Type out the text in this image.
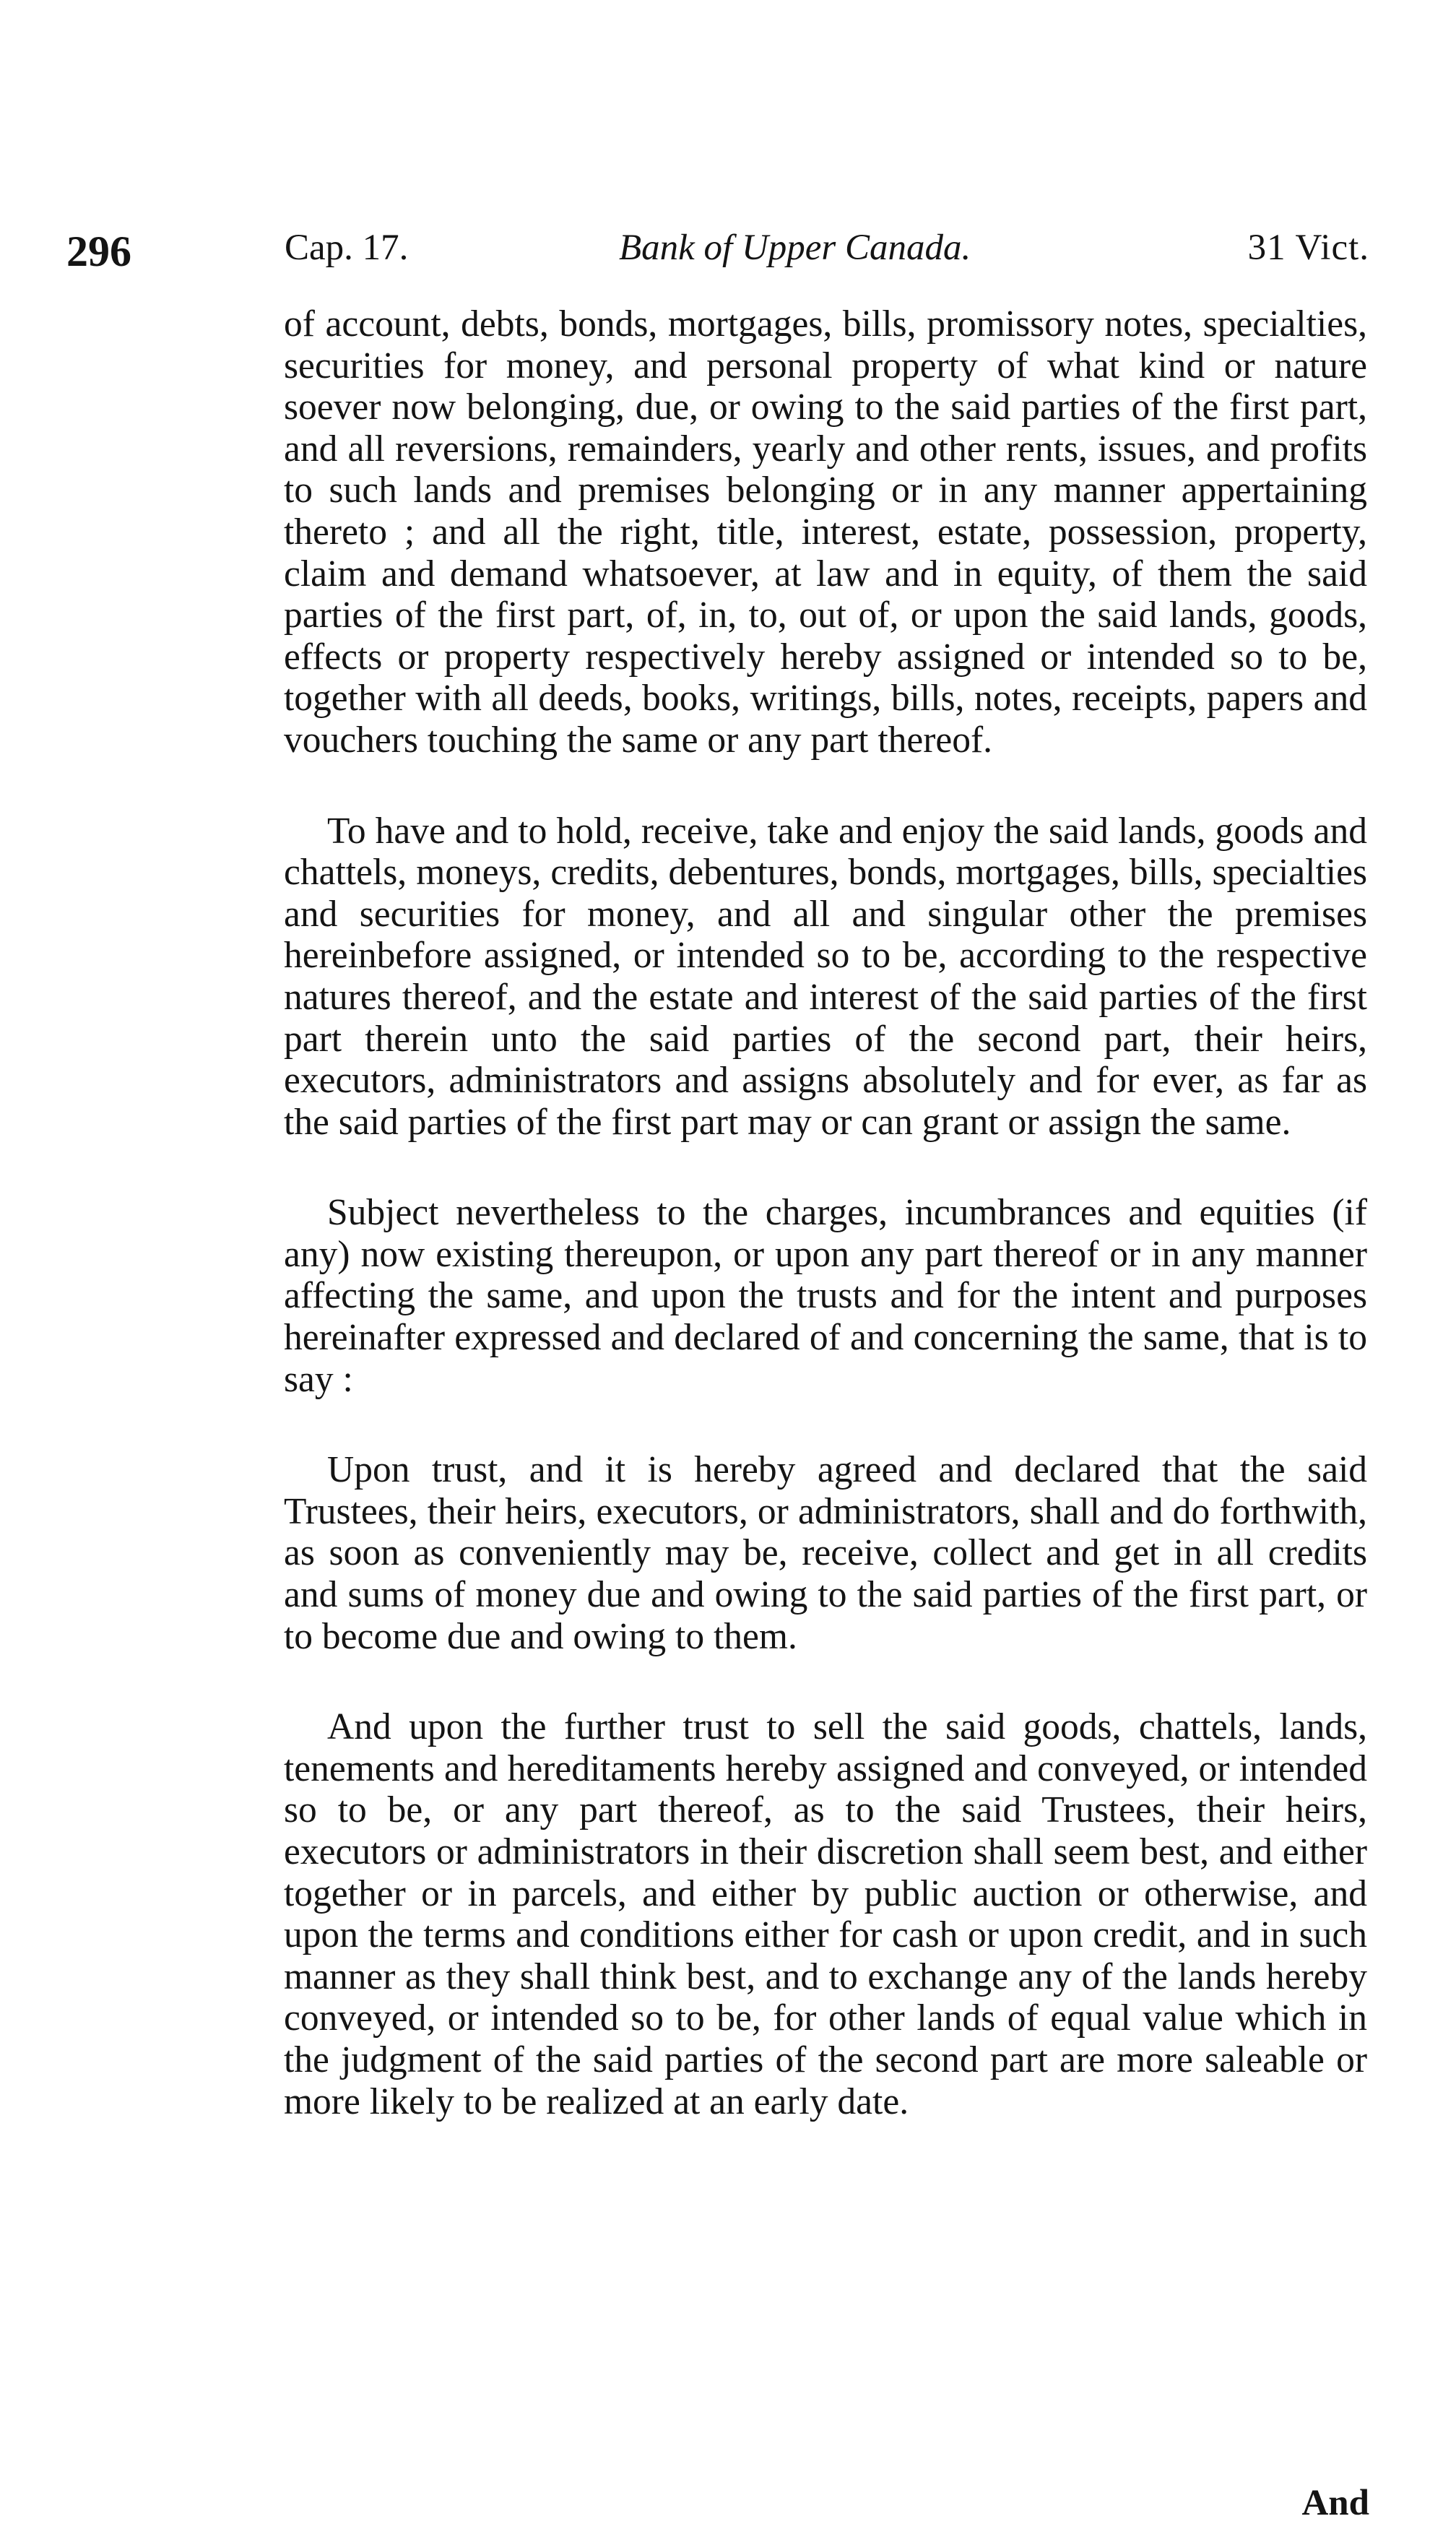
296	Cap. 17.	Bank of Upper Canada.	31 Vict.

of account, debts, bonds, mortgages, bills, promissory notes, specialties, securities for money, and personal property of what kind or nature soever now belonging, due, or owing to the said parties of the first part, and all reversions, remainders, yearly and other rents, issues, and profits to such lands and premises belonging or in any manner appertaining thereto ; and all the right, title, interest, estate, possession, property, claim and demand whatsoever, at law and in equity, of them the said parties of the first part, of, in, to, out of, or upon the said lands, goods, effects or property respectively hereby assigned or intended so to be, together with all deeds, books, writings, bills, notes, receipts, papers and vouchers touching the same or any part thereof.

To have and to hold, receive, take and enjoy the said lands, goods and chattels, moneys, credits, debentures, bonds, mortgages, bills, specialties and securities for money, and all and singular other the premises hereinbefore assigned, or intended so to be, according to the respective natures thereof, and the estate and interest of the said parties of the first part therein unto the said parties of the second part, their heirs, executors, administrators and assigns absolutely and for ever, as far as the said parties of the first part may or can grant or assign the same.

Subject nevertheless to the charges, incumbrances and equities (if any) now existing thereupon, or upon any part thereof or in any manner affecting the same, and upon the trusts and for the intent and purposes hereinafter expressed and declared of and concerning the same, that is to say :

Upon trust, and it is hereby agreed and declared that the said Trustees, their heirs, executors, or administrators, shall and do forthwith, as soon as conveniently may be, receive, collect and get in all credits and sums of money due and owing to the said parties of the first part, or to become due and owing to them.

And upon the further trust to sell the said goods, chattels, lands, tenements and hereditaments hereby assigned and conveyed, or intended so to be, or any part thereof, as to the said Trustees, their heirs, executors or administrators in their discretion shall seem best, and either together or in parcels, and either by public auction or otherwise, and upon the terms and conditions either for cash or upon credit, and in such manner as they shall think best, and to exchange any of the lands hereby conveyed, or intended so to be, for other lands of equal value which in the judgment of the said parties of the second part are more saleable or more likely to be realized at an early date.

And
